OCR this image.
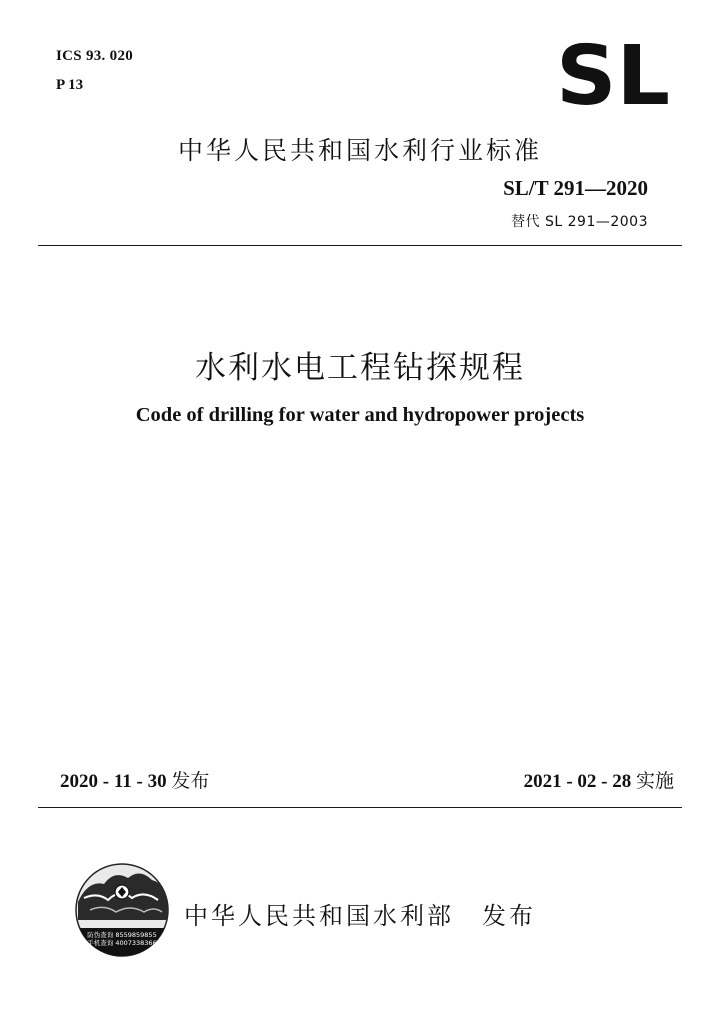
ICS 93. 020
P 13	SL
中华人民共和国水利行业标准
SL/T 291—2020
替代 SL 291—2003
水利水电工程钻探规程
Code of drilling for water and hydropower projects
2020 - 11 - 30 发布	2021 - 02 - 28 实施
防伪查询 8559859855
手机查询 4007338366
中华人民共和国水利部 发布
